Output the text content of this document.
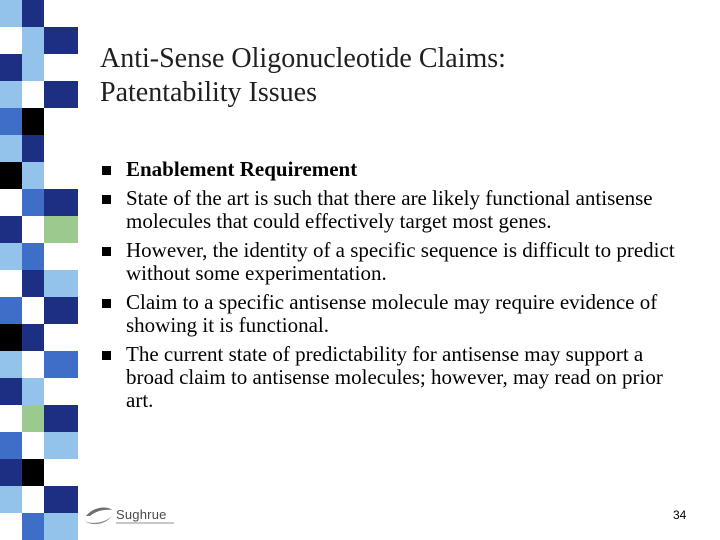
Anti-Sense Oligonucleotide Claims:
Patentability Issues
Enablement Requirement
State of the art is such that there are likely functional antisense molecules that could effectively target most genes.
However, the identity of a specific sequence is difficult to predict without some experimentation.
Claim to a specific antisense molecule may require evidence of showing it is functional.
The current state of predictability for antisense may support a broad claim to antisense molecules; however, may read on prior art.
Sughrue	34
